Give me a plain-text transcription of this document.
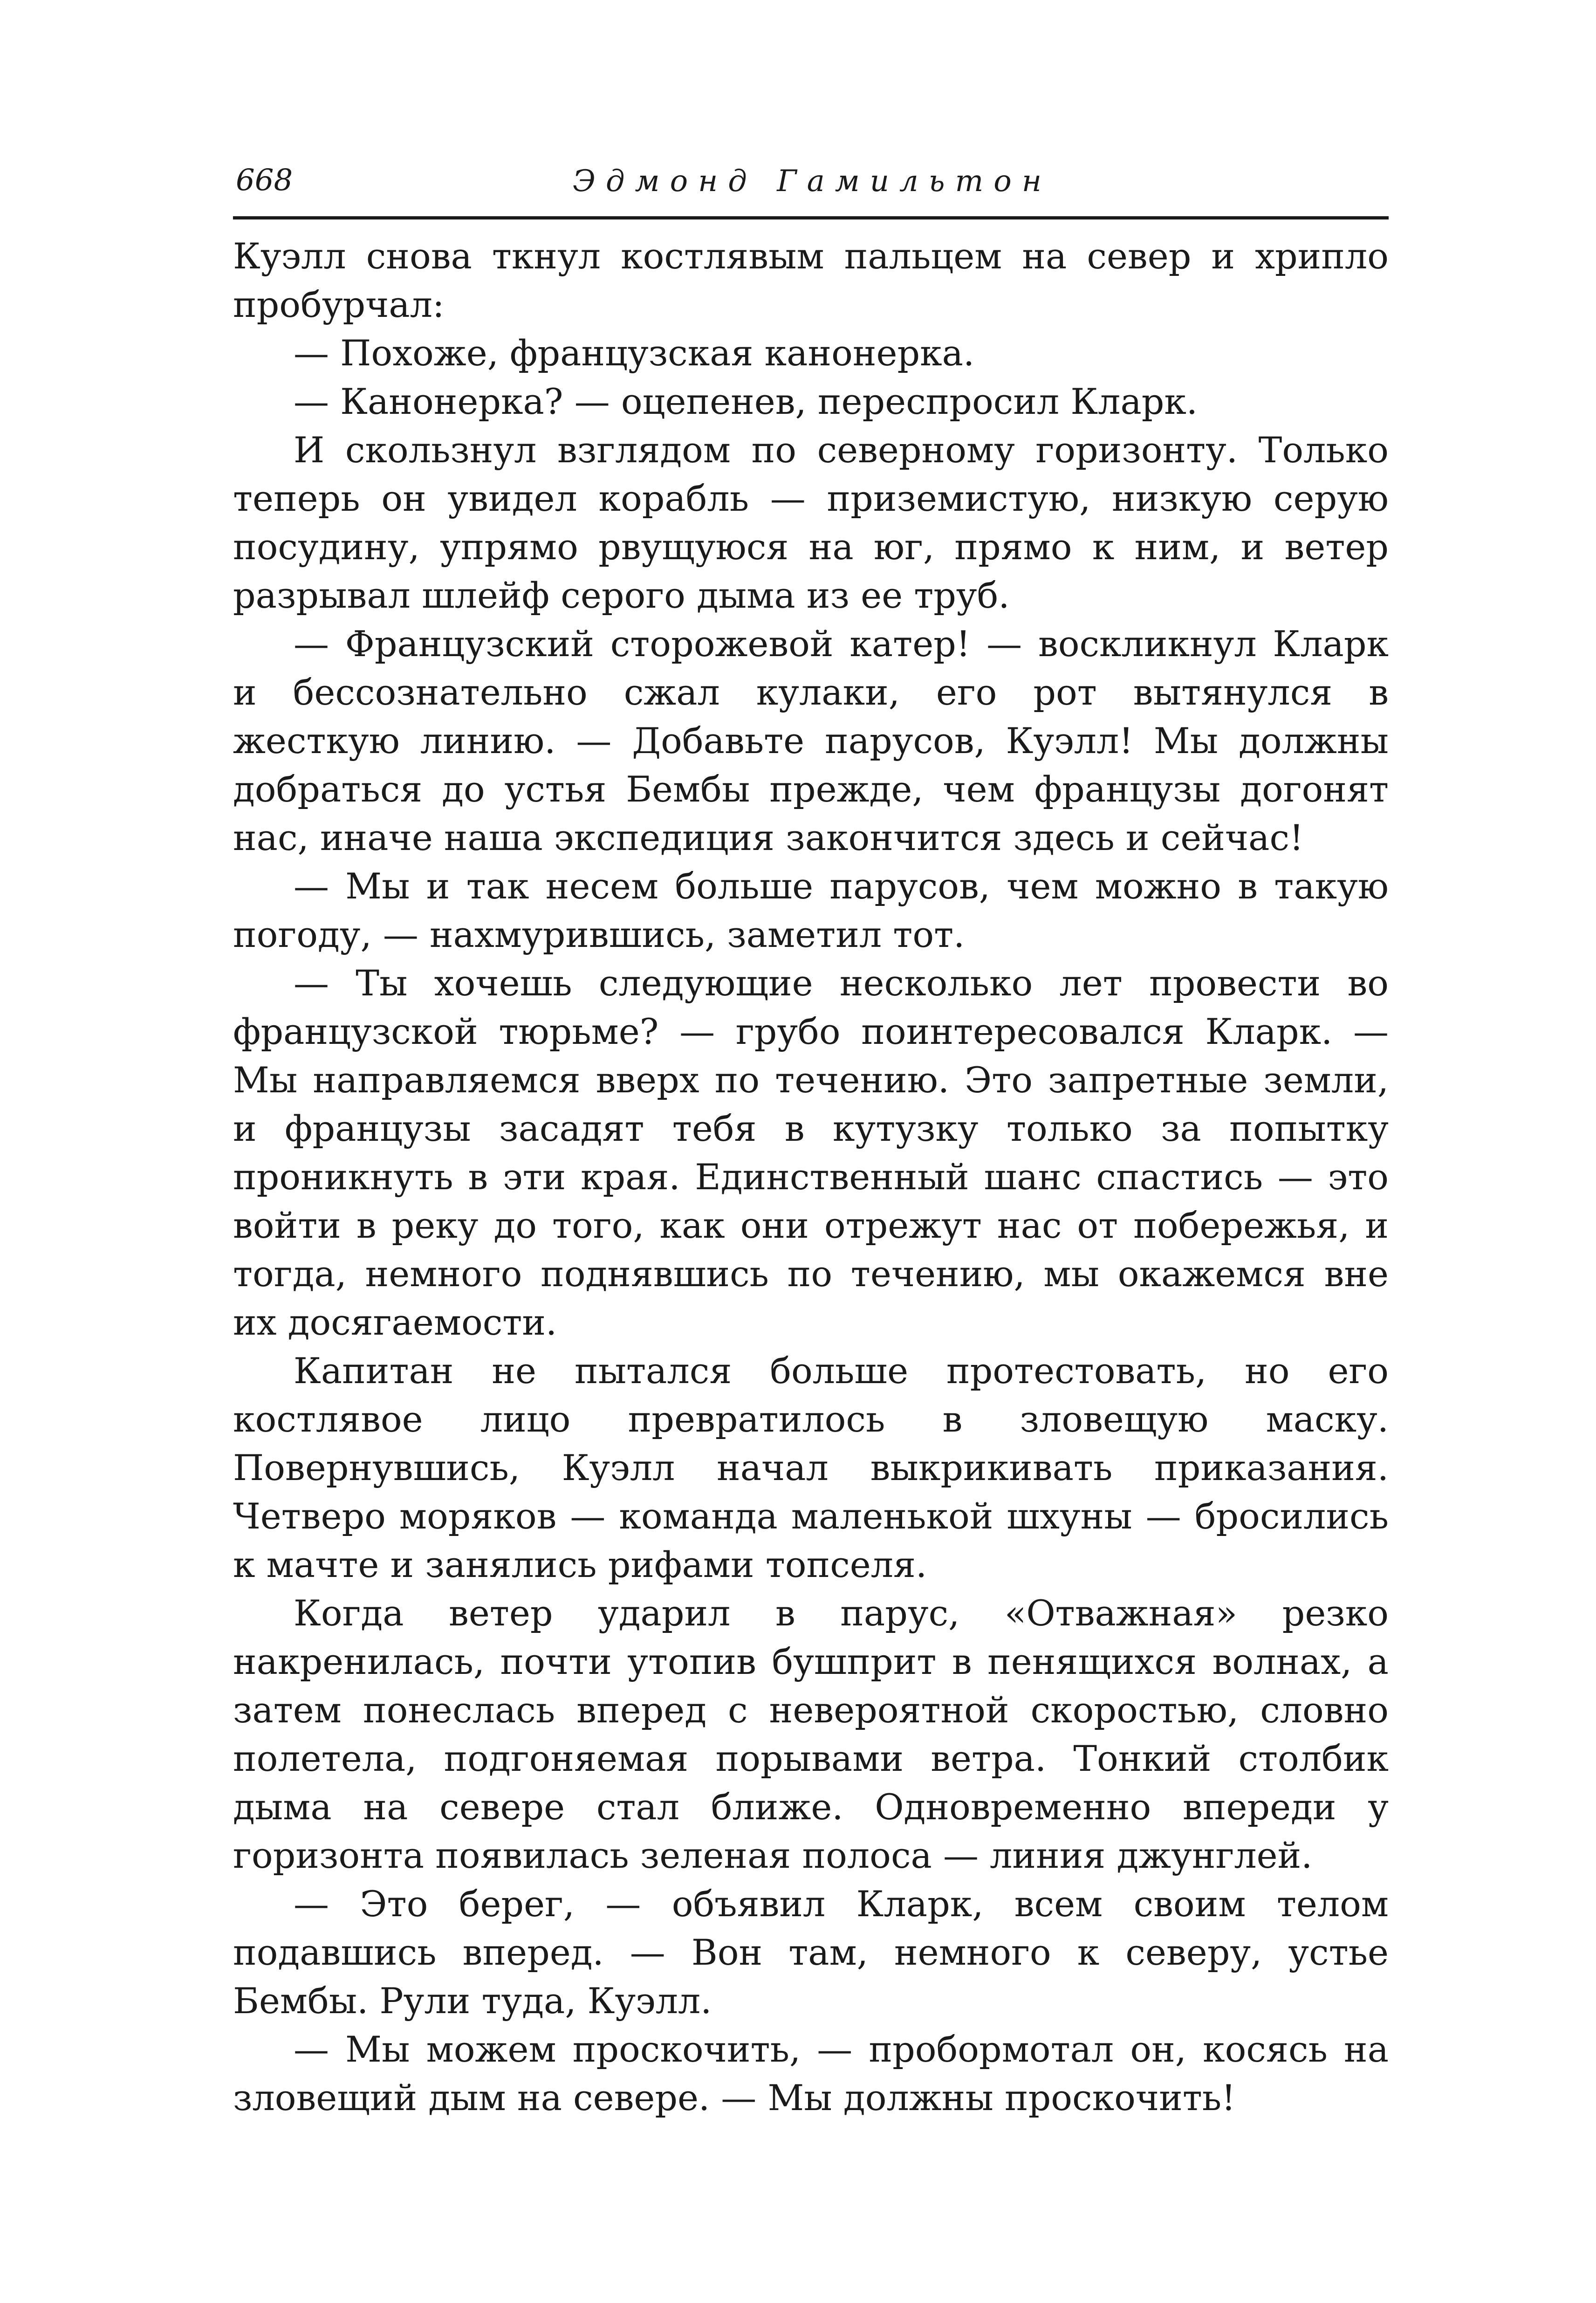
668	Эдмонд Гамильтон

Куэлл снова ткнул костлявым пальцем на север и хрипло пробурчал:

— Похоже, французская канонерка.

— Канонерка? — оцепенев, переспросил Кларк.

И скользнул взглядом по северному горизонту. Только теперь он увидел корабль — приземистую, низкую серую посудину, упрямо рвущуюся на юг, прямо к ним, и ветер разрывал шлейф серого дыма из ее труб.

— Французский сторожевой катер! — воскликнул Кларк и бессознательно сжал кулаки, его рот вытянулся в жесткую линию. — Добавьте парусов, Куэлл! Мы должны добраться до устья Бембы прежде, чем французы догонят нас, иначе наша экспедиция закончится здесь и сейчас!

— Мы и так несем больше парусов, чем можно в такую погоду, — нахмурившись, заметил тот.

— Ты хочешь следующие несколько лет провести во французской тюрьме? — грубо поинтересовался Кларк. — Мы направляемся вверх по течению. Это запретные земли, и французы засадят тебя в кутузку только за попытку проникнуть в эти края. Единственный шанс спастись — это войти в реку до того, как они отрежут нас от побережья, и тогда, немного поднявшись по течению, мы окажемся вне их досягаемости.

Капитан не пытался больше протестовать, но его костлявое лицо превратилось в зловещую маску. Повернувшись, Куэлл начал выкрикивать приказания. Четверо моряков — команда маленькой шхуны — бросились к мачте и занялись рифами топселя.

Когда ветер ударил в парус, «Отважная» резко накренилась, почти утопив бушприт в пенящихся волнах, а затем понеслась вперед с невероятной скоростью, словно полетела, подгоняемая порывами ветра. Тонкий столбик дыма на севере стал ближе. Одновременно впереди у горизонта появилась зеленая полоса — линия джунглей.

— Это берег, — объявил Кларк, всем своим телом подавшись вперед. — Вон там, немного к северу, устье Бембы. Рули туда, Куэлл.

— Мы можем проскочить, — пробормотал он, косясь на зловещий дым на севере. — Мы должны проскочить!
